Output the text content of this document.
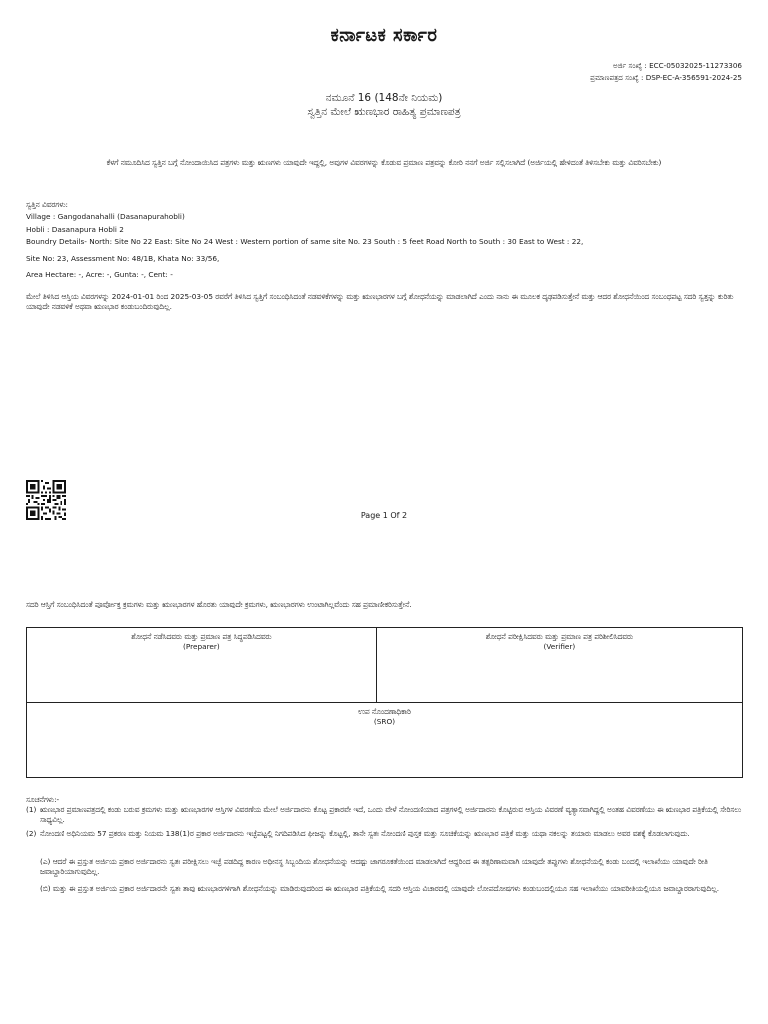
ಕರ್ನಾಟಕ ಸರ್ಕಾರ
ಅರ್ಜಿ ಸಂಖ್ಯೆ : ECC-05032025-11273306
ಪ್ರಮಾಣಪತ್ರದ ಸಂಖ್ಯೆ : DSP-EC-A-356591-2024-25
ನಮೂನೆ 16 (148ನೇ ನಿಯಮ)
ಸ್ವತ್ತಿನ ಮೇಲೆ ಋಣಭಾರ ರಾಹಿತ್ಯ ಪ್ರಮಾಣಪತ್ರ
ಕೆಳಗೆ ನಮೂದಿಸಿದ ಸ್ವತ್ತಿನ ಬಗ್ಗೆ ನೋಂದಾಯಿಸಿದ ಪತ್ರಗಳು ಮತ್ತು ಋಣಗಳು ಯಾವುದೇ ಇದ್ದಲ್ಲಿ, ಅವುಗಳ ವಿವರಗಳನ್ನು ಕೊಡುವ ಪ್ರಮಾಣ ಪತ್ರವನ್ನು ಕೋರಿ ನನಗೆ ಅರ್ಜಿ ಸಲ್ಲಿಸಲಾಗಿದೆ (ಅರ್ಜಿಯಲ್ಲಿ ಹೇಳಿದಂತೆ ತಿಳಿಸಬೇಕು ಮತ್ತು ವಿವರಿಸಬೇಕು)
ಸ್ವತ್ತಿನ ವಿವರಗಳು:
Village : Gangodanahalli (Dasanapurahobli)
Hobli : Dasanapura Hobli 2
Boundry Details- North: Site No 22 East: Site No 24 West : Western portion of same site No. 23 South : 5 feet Road North to South : 30 East to West : 22,
Site No: 23, Assessment No: 48/1B, Khata No: 33/56,
Area Hectare: -, Acre: -, Gunta: -, Cent: -
ಮೇಲೆ ತಿಳಿಸಿದ ಆಸ್ತಿಯ ವಿವರಗಳನ್ನು 2024-01-01 ರಿಂದ 2025-03-05 ರವರೆಗೆ ತಿಳಿಸಿದ ಸ್ವತ್ತಿಗೆ ಸಂಬಂಧಿಸಿದಂತೆ ನಡವಳಿಕೆಗಳನ್ನು ಮತ್ತು ಋಣಭಾರಗಳ ಬಗ್ಗೆ ಶೋಧನೆಯನ್ನು ಮಾಡಲಾಗಿದೆ ಎಂದು ನಾನು ಈ ಮೂಲಕ ದೃಢಪಡಿಸುತ್ತೇನೆ ಮತ್ತು ಆದರ ಶೋಧನೆಯಿಂದ ಸಂಬಂಧಪಟ್ಟ ಸದರಿ ಸ್ವತ್ತನ್ನು ಕುರಿತು ಯಾವುದೇ ನಡವಳಿಕೆ ಅಥವಾ ಋಣಭಾರ ಕಂಡುಬಂದಿರುವುದಿಲ್ಲ.
Page 1 Of 2
ಸದರಿ ಆಸ್ತಿಗೆ ಸಂಬಂಧಿಸಿದಂತೆ ಪೂರ್ವೋಕ್ತ ಕ್ರಮಗಳು ಮತ್ತು ಋಣಭಾರಗಳ ಹೊರತು ಯಾವುದೇ ಕ್ರಮಗಳು, ಋಣಭಾರಗಳು ಉಂಟಾಗಿಲ್ಲವೆಂದು ಸಹ ಪ್ರಮಾಣೀಕರಿಸುತ್ತೇನೆ.
ಶೋಧನೆ ನಡೆಸಿದವರು ಮತ್ತು ಪ್ರಮಾಣ ಪತ್ರ ಸಿದ್ಧಪಡಿಸಿದವರು
(Preparer)

ಶೋಧನೆ ಪರೀಕ್ಷಿಸಿದವರು ಮತ್ತು ಪ್ರಮಾಣ ಪತ್ರ ಪರಿಶೀಲಿಸಿದವರು
(Verifier)

ಉಪ ನೊಂದಣಾಧಿಕಾರಿ
(SRO)
ಸೂಚನೆಗಳು:-
(1) ಋಣಭಾರ ಪ್ರಮಾಣಪತ್ರದಲ್ಲಿ ಕಂಡು ಬರುವ ಕ್ರಮಗಳು ಮತ್ತು ಋಣಭಾರಗಳ ಆಸ್ತಿಗಳ ವಿವರಣೆಯ ಮೇಲೆ ಅರ್ಜಿದಾರನು ಕೊಟ್ಟ ಪ್ರಕಾರವೇ ಇದೆ, ಒಂದು ವೇಳೆ ನೋಂದಣಿಯಾದ ಪತ್ರಗಳಲ್ಲಿ ಅರ್ಜಿದಾರನು ಕೊಟ್ಟಿರುವ ಆಸ್ತಿಯ ವಿವರಣೆ ವ್ಯತ್ಯಾಸವಾಗಿದ್ದಲ್ಲಿ ಅಂತಹ ವಿವರಣೆಯು ಈ ಋಣಭಾರ ಪತ್ರಿಕೆಯಲ್ಲಿ ಸೇರಿಸಲು ಸಾಧ್ಯವಿಲ್ಲ.
(2) ನೋಂದಣಿ ಅಧಿನಿಯಮ 57 ಪ್ರಕರಣ ಮತ್ತು ನಿಯಮ 138(1)ರ ಪ್ರಕಾರ ಅರ್ಜಿದಾರನು ಇಚ್ಛೆಪಟ್ಟಲ್ಲಿ ನಿಗದಿಪಡಿಸಿದ ಫೀಜನ್ನು ಕೊಟ್ಟಲ್ಲಿ, ತಾನೇ ಸ್ವತಃ ನೋಂದಣಿ ಪುಸ್ತಕ ಮತ್ತು ಸೂಚಿಕೆಯನ್ನು ಋಣಭಾರ ಪತ್ರಿಕೆ ಮತ್ತು ಯಥಾ ನಕಲನ್ನು ತಯಾರು ಮಾಡಲು ಅವರ ವಶಕ್ಕೆ ಕೊಡಲಾಗುವುದು.
(ಎ) ಆದರೆ ಈ ಪ್ರಸ್ತುತ ಅರ್ಜಿಯ ಪ್ರಕಾರ ಅರ್ಜಿದಾರನು ಸ್ವತಃ ಪರೀಕ್ಷಿಸಲು ಇಚ್ಛೆ ಪಡದಿದ್ದ ಕಾರಣ ಅಧೀನಸ್ಥ ಸಿಬ್ಬಂದಿಯ ಶೋಧನೆಯನ್ನು ಆದಷ್ಟು ಜಾಗರೂಕತೆಯಿಂದ ಮಾಡಲಾಗಿದೆ ಆದ್ದರಿಂದ ಈ ತತ್ಪರಿಣಾಮವಾಗಿ ಯಾವುದೇ ತಪ್ಪುಗಳು ಶೋಧನೆಯಲ್ಲಿ ಕಂಡು ಬಂದಲ್ಲಿ ಇಲಾಖೆಯು ಯಾವುದೇ ರೀತಿ ಜವಾಬ್ದಾರಿಯಾಗುವುದಿಲ್ಲ.
(ಬಿ) ಮತ್ತು ಈ ಪ್ರಸ್ತುತ ಅರ್ಜಿಯ ಪ್ರಕಾರ ಅರ್ಜಿದಾರನೇ ಸ್ವತಃ ತಾವು ಋಣಭಾರಗಳಿಗಾಗಿ ಶೋಧನೆಯನ್ನು ಮಾಡಿರುವುದರಿಂದ ಈ ಋಣಭಾರ ಪತ್ರಿಕೆಯಲ್ಲಿ ಸದರಿ ಆಸ್ತಿಯ ವಿಚಾರದಲ್ಲಿ ಯಾವುದೇ ಲೋಪದೋಷಗಳು ಕಂಡುಬಂದಲ್ಲಿಯೂ ಸಹ ಇಲಾಖೆಯು ಯಾವರೀತಿಯಲ್ಲಿಯೂ ಜವಾಬ್ದಾರರಾಗುವುದಿಲ್ಲ.
